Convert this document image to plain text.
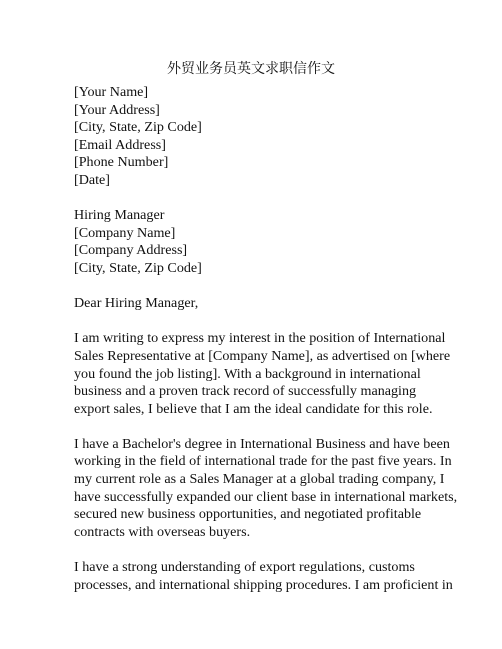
外贸业务员英文求职信作文
[Your Name]
[Your Address]
[City, State, Zip Code]
[Email Address]
[Phone Number]
[Date]
Hiring Manager
[Company Name]
[Company Address]
[City, State, Zip Code]
Dear Hiring Manager,
I am writing to express my interest in the position of International
Sales Representative at [Company Name], as advertised on [where
you found the job listing]. With a background in international
business and a proven track record of successfully managing
export sales, I believe that I am the ideal candidate for this role.
I have a Bachelor's degree in International Business and have been
working in the field of international trade for the past five years. In
my current role as a Sales Manager at a global trading company, I
have successfully expanded our client base in international markets,
secured new business opportunities, and negotiated profitable
contracts with overseas buyers.
I have a strong understanding of export regulations, customs
processes, and international shipping procedures. I am proficient in
